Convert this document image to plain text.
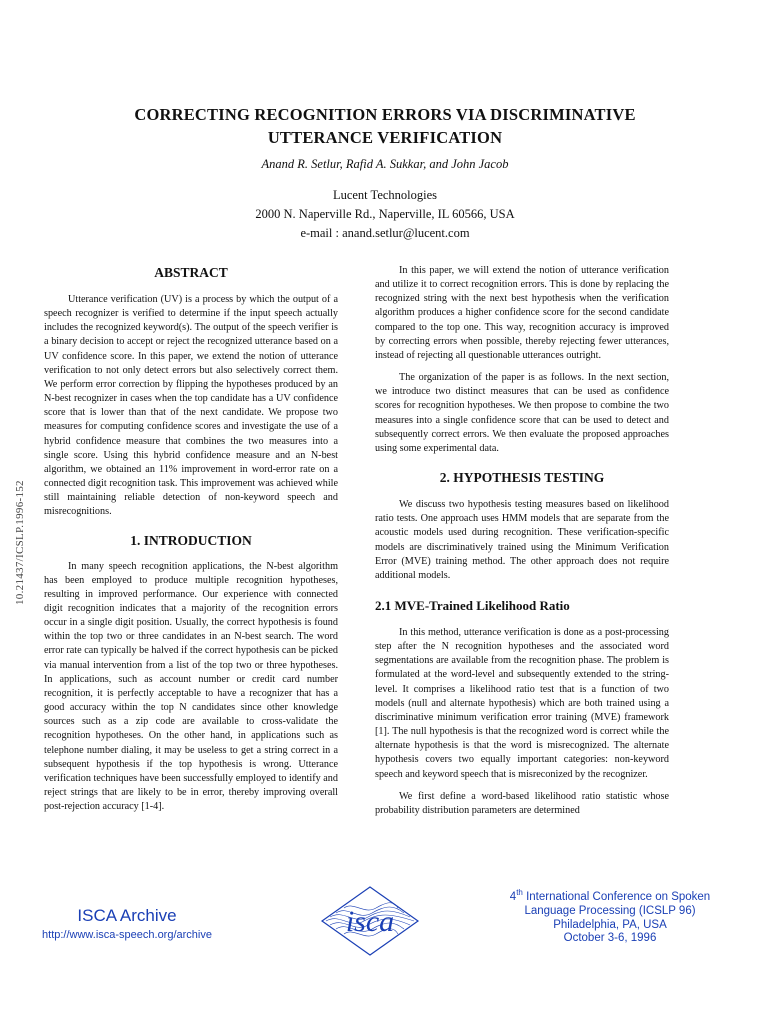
CORRECTING RECOGNITION ERRORS VIA DISCRIMINATIVE
UTTERANCE VERIFICATION
Anand R. Setlur, Rafid A. Sukkar, and John Jacob
Lucent Technologies
2000 N. Naperville Rd., Naperville, IL 60566, USA
e-mail : anand.setlur@lucent.com
10.21437/ICSLP.1996-152
ABSTRACT

Utterance verification (UV) is a process by which the output of a speech recognizer is verified to determine if the input speech actually includes the recognized keyword(s). The output of the speech verifier is a binary decision to accept or reject the recognized utterance based on a UV confidence score. In this paper, we extend the notion of utterance verification to not only detect errors but also selectively correct them. We perform error correction by flipping the hypotheses produced by an N-best recognizer in cases when the top candidate has a UV confidence score that is lower than that of the next candidate. We propose two measures for computing confidence scores and investigate the use of a hybrid confidence measure that combines the two measures into a single score. Using this hybrid confidence measure and an N-best algorithm, we obtained an 11% improvement in word-error rate on a connected digit recognition task. This improvement was achieved while still maintaining reliable detection of non-keyword speech and misrecognitions.

1. INTRODUCTION

In many speech recognition applications, the N-best algorithm has been employed to produce multiple recognition hypotheses, resulting in improved performance. Our experience with connected digit recognition indicates that a majority of the recognition errors occur in a single digit position. Usually, the correct hypothesis is found within the top two or three candidates in an N-best search. The word error rate can typically be halved if the correct hypothesis can be picked via manual intervention from a list of the top two or three hypotheses. In applications, such as account number or credit card number recognition, it is perfectly acceptable to have a recognizer that has a good accuracy within the top N candidates since other knowledge sources such as a zip code are available to cross-validate the recognition hypotheses. On the other hand, in applications such as telephone number dialing, it may be useless to get a string correct in a subsequent hypothesis if the top hypothesis is wrong. Utterance verification techniques have been successfully employed to identify and reject strings that are likely to be in error, thereby improving overall post-rejection accuracy [1-4].

In this paper, we will extend the notion of utterance verification and utilize it to correct recognition errors. This is done by replacing the recognized string with the next best hypothesis when the verification algorithm produces a higher confidence score for the second candidate compared to the top one. This way, recognition accuracy is improved by correcting errors when possible, thereby rejecting fewer utterances, instead of rejecting all questionable utterances outright.

The organization of the paper is as follows. In the next section, we introduce two distinct measures that can be used as confidence scores for recognition hypotheses. We then propose to combine the two measures into a single confidence score that can be used to detect and subsequently correct errors. We then evaluate the proposed approaches using some experimental data.

2. HYPOTHESIS TESTING

We discuss two hypothesis testing measures based on likelihood ratio tests. One approach uses HMM models that are separate from the acoustic models used during recognition. These verification-specific models are discriminatively trained using the Minimum Verification Error (MVE) training method. The other approach does not require additional models.

2.1 MVE-Trained Likelihood Ratio

In this method, utterance verification is done as a post-processing step after the N recognition hypotheses and the associated word segmentations are available from the recognition phase. The problem is formulated at the word-level and subsequently extended to the string-level. It comprises a likelihood ratio test that is a function of two models (null and alternate hypothesis) which are both trained using a discriminative minimum verification error training (MVE) framework [1]. The null hypothesis is that the recognized word is correct while the alternate hypothesis is that the word is misrecognized. The alternate hypothesis covers two equally important categories: non-keyword speech and keyword speech that is misreconized by the recognizer.

We first define a word-based likelihood ratio statistic whose probability distribution parameters are determined

ISCA Archive
http://www.isca-speech.org/archive	isca
4th International Conference on Spoken
Language Processing (ICSLP 96)
Philadelphia, PA, USA
October 3-6, 1996
